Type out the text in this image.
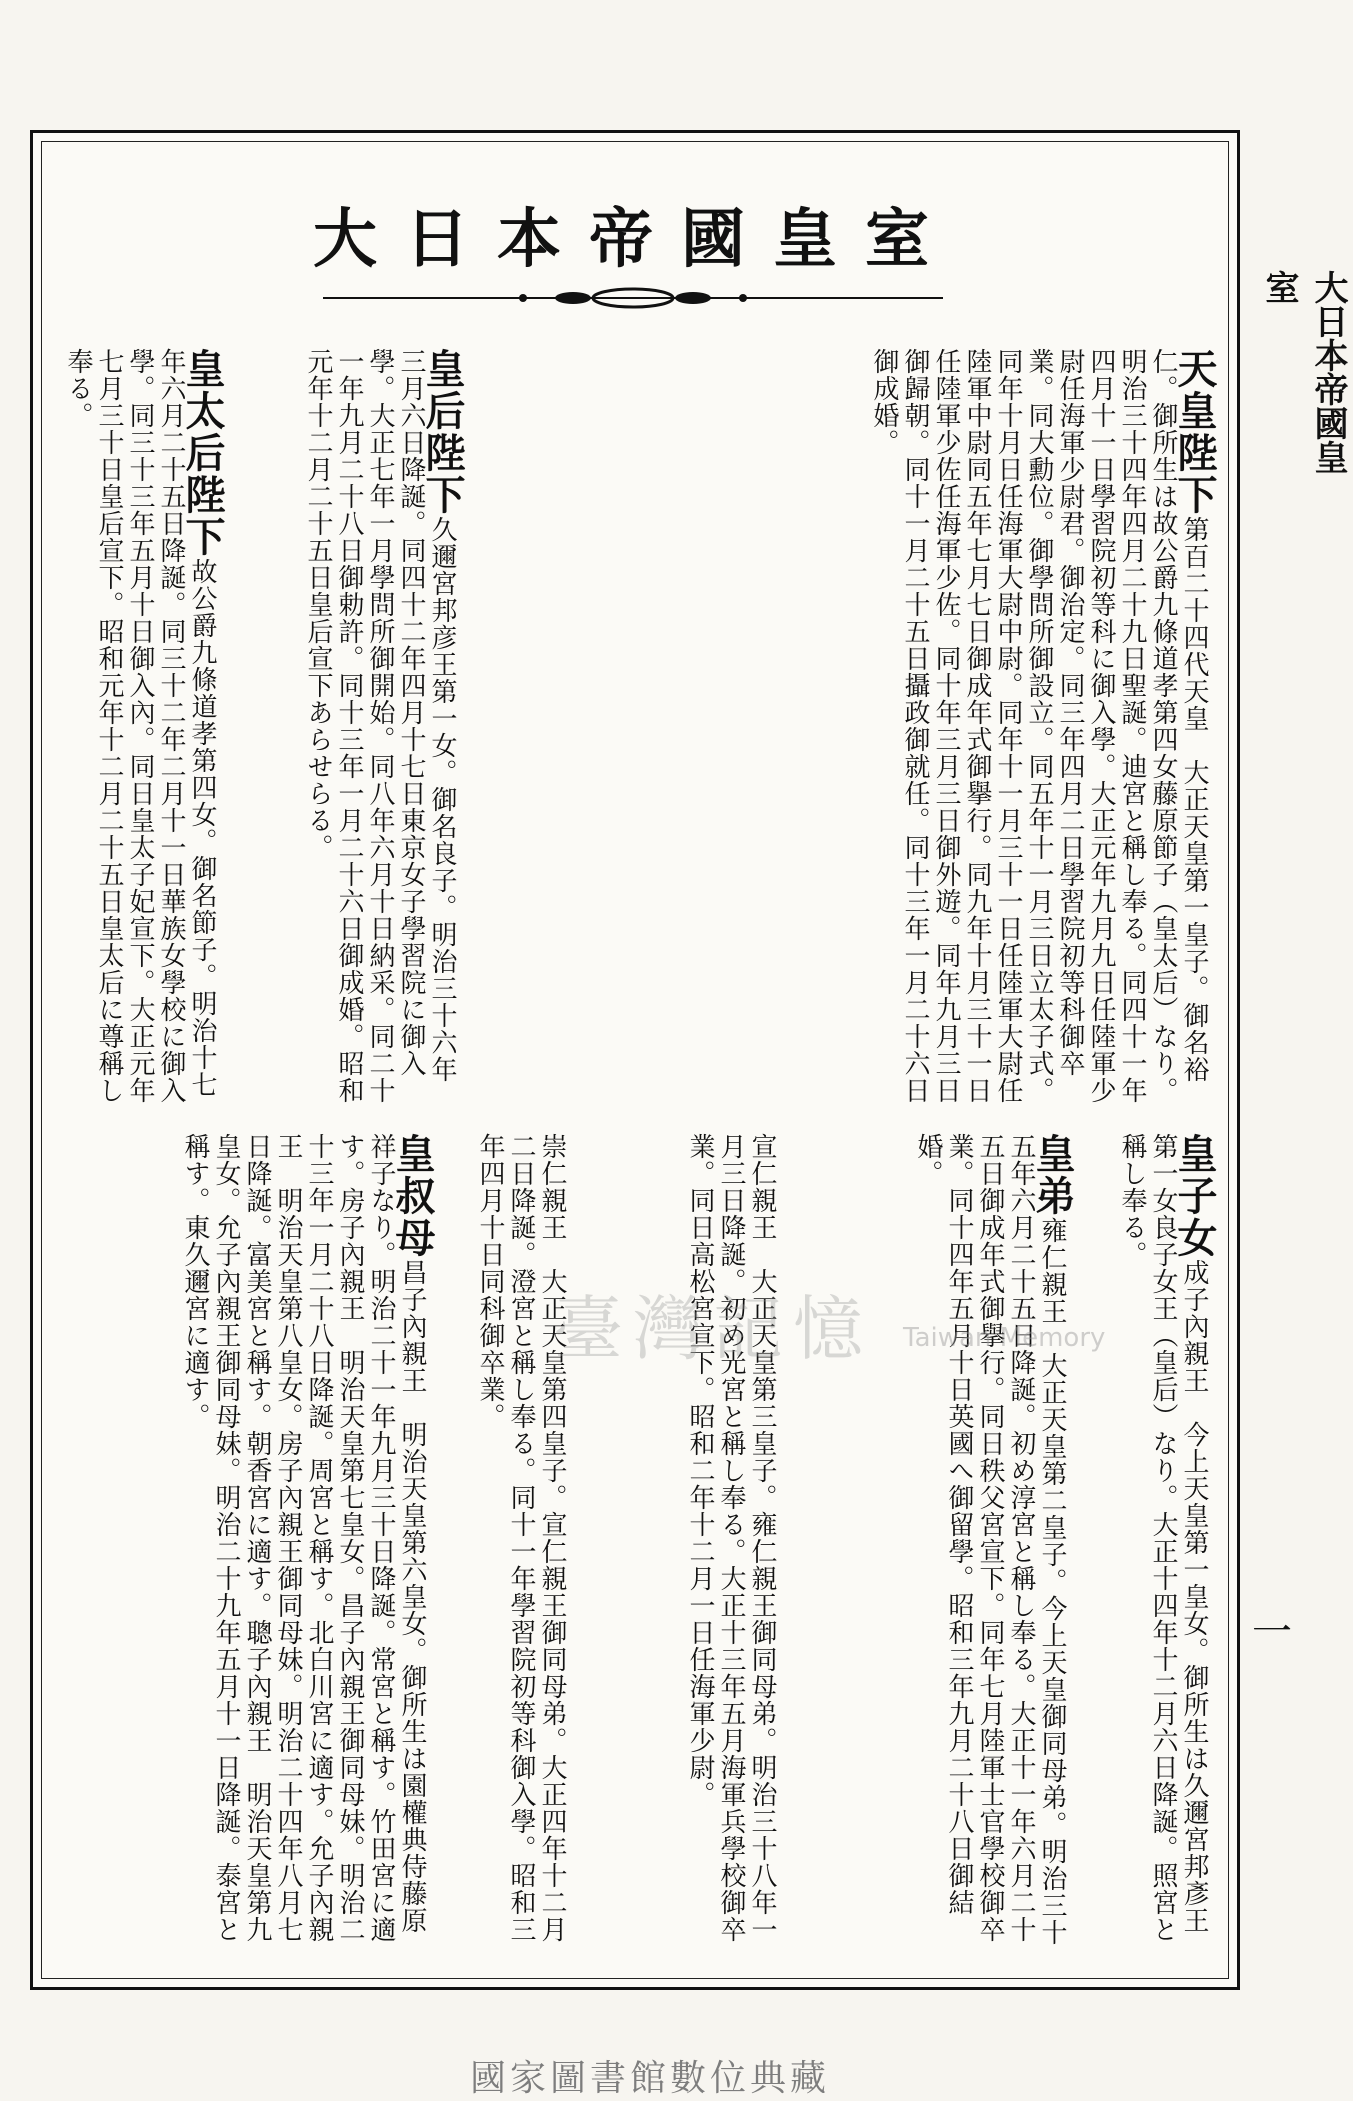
大日本帝國皇室
天皇陛下第百二十四代天皇　大正天皇第一皇子。御名裕仁。御所生は故公爵九條道孝第四女藤原節子（皇太后）なり。明治三十四年四月二十九日聖誕。迪宮と稱し奉る。同四十一年四月十一日學習院初等科に御入學。大正元年九月九日任陸軍少尉任海軍少尉君。御治定。同三年四月二日學習院初等科御卒業。同大勳位。御學問所御設立。同五年十一月三日立太子式。同年十月日任海軍大尉中尉。同年十一月三十一日任陸軍大尉任陸軍中尉同五年七月七日御成年式御擧行。同九年十月三十一日任陸軍少佐任海軍少佐。同十年三月三日御外遊。同年九月三日御歸朝。同十一月二十五日攝政御就任。同十三年一月二十六日御成婚。
皇后陛下久邇宮邦彦王第一女。御名良子。明治三十六年三月六日降誕。同四十二年四月十七日東京女子學習院に御入學。大正七年一月學問所御開始。同八年六月十日納采。同二十一年九月二十八日御勅許。同十三年一月二十六日御成婚。昭和元年十二月二十五日皇后宣下あらせらる。
皇太后陛下故公爵九條道孝第四女。御名節子。明治十七年六月二十五日降誕。同三十二年二月十一日華族女學校に御入學。同三十三年五月十日御入內。同日皇太子妃宣下。大正元年七月三十日皇后宣下。昭和元年十二月二十五日皇太后に尊稱し奉る。
皇子女成子內親王　今上天皇第一皇女。御所生は久邇宮邦彥王第一女良子女王（皇后）なり。大正十四年十二月六日降誕。照宮と稱し奉る。
皇弟雍仁親王　大正天皇第二皇子。今上天皇御同母弟。明治三十五年六月二十五日降誕。初め淳宮と稱し奉る。大正十一年六月二十五日御成年式御擧行。同日秩父宮宣下。同年七月陸軍士官學校御卒業。同十四年五月十日英國へ御留學。昭和三年九月二十八日御結婚。
宣仁親王　大正天皇第三皇子。雍仁親王御同母弟。明治三十八年一月三日降誕。初め光宮と稱し奉る。大正十三年五月海軍兵學校御卒業。同日高松宮宣下。昭和二年十二月一日任海軍少尉。
崇仁親王　大正天皇第四皇子。宣仁親王御同母弟。大正四年十二月二日降誕。澄宮と稱し奉る。同十一年學習院初等科御入學。昭和三年四月十日同科御卒業。
皇叔母昌子內親王　明治天皇第六皇女。御所生は園權典侍藤原祥子なり。明治二十一年九月三十日降誕。常宮と稱す。竹田宮に適す。房子內親王　明治天皇第七皇女。昌子內親王御同母妹。明治二十三年一月二十八日降誕。周宮と稱す。北白川宮に適す。允子內親王　明治天皇第八皇女。房子內親王御同母妹。明治二十四年八月七日降誕。富美宮と稱す。朝香宮に適す。聰子內親王　明治天皇第九皇女。允子內親王御同母妹。明治二十九年五月十一日降誕。泰宮と稱す。東久邇宮に適す。	臺灣記憶 Taiwan Memory
大日本帝國皇室
一
國家圖書館數位典藏
